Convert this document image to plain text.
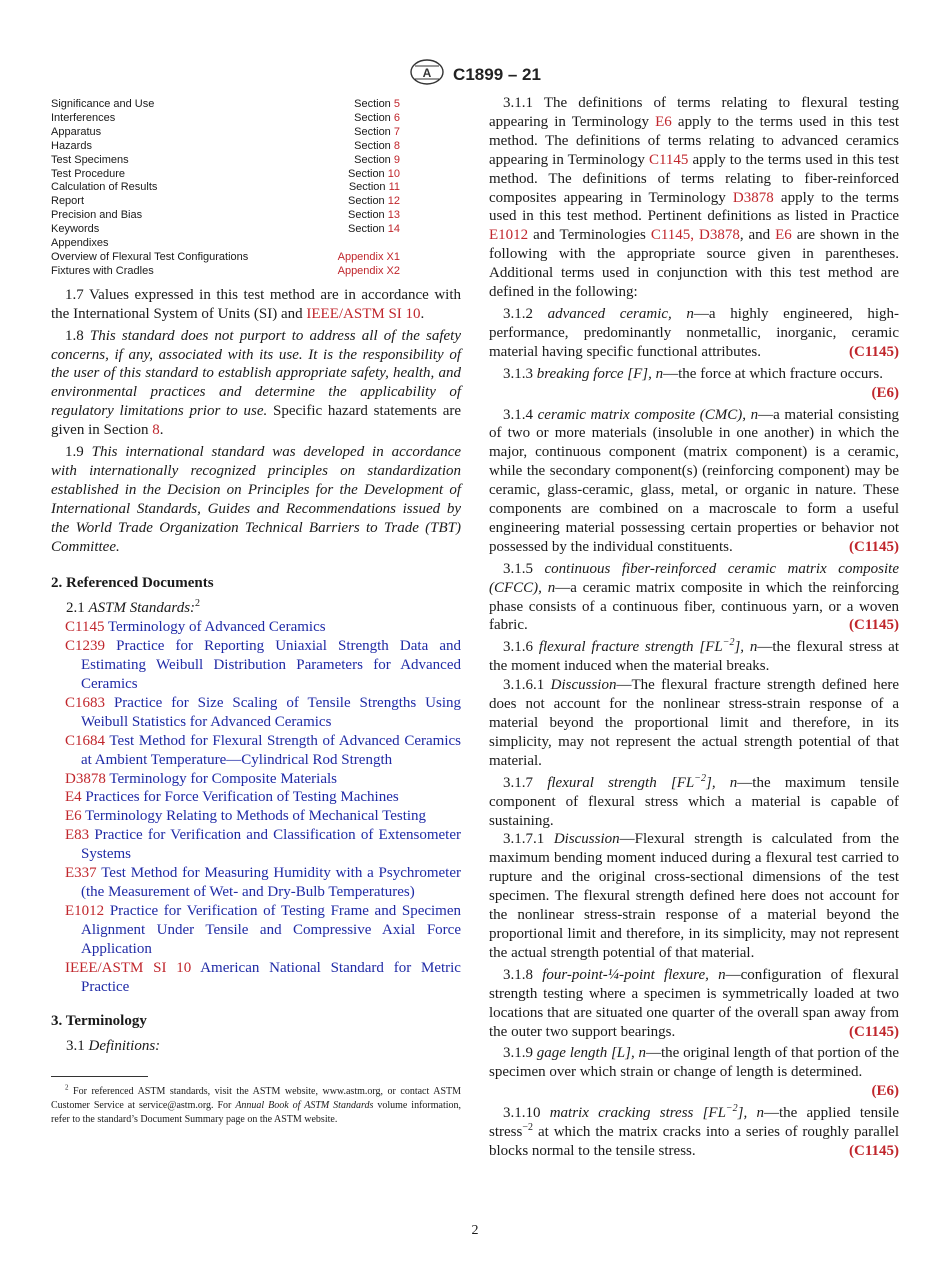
A C1899 – 21
Significance and Use	Section 5
Interferences	Section 6
Apparatus	Section 7
Hazards	Section 8
Test Specimens	Section 9
Test Procedure	Section 10
Calculation of Results	Section 11
Report	Section 12
Precision and Bias	Section 13
Keywords	Section 14
Appendixes
Overview of Flexural Test Configurations	Appendix X1
Fixtures with Cradles	Appendix X2

1.7 Values expressed in this test method are in accordance with the International System of Units (SI) and IEEE/ASTM SI 10.

1.8 This standard does not purport to address all of the safety concerns, if any, associated with its use. It is the responsibility of the user of this standard to establish appropriate safety, health, and environmental practices and determine the applicability of regulatory limitations prior to use. Specific hazard statements are given in Section 8.

1.9 This international standard was developed in accordance with internationally recognized principles on standardization established in the Decision on Principles for the Development of International Standards, Guides and Recommendations issued by the World Trade Organization Technical Barriers to Trade (TBT) Committee.

2. Referenced Documents

2.1 ASTM Standards:$^2$

C1145 Terminology of Advanced Ceramics

C1239 Practice for Reporting Uniaxial Strength Data and Estimating Weibull Distribution Parameters for Advanced Ceramics

C1683 Practice for Size Scaling of Tensile Strengths Using Weibull Statistics for Advanced Ceramics

C1684 Test Method for Flexural Strength of Advanced Ceramics at Ambient Temperature—Cylindrical Rod Strength

D3878 Terminology for Composite Materials

E4 Practices for Force Verification of Testing Machines

E6 Terminology Relating to Methods of Mechanical Testing

E83 Practice for Verification and Classification of Extensometer Systems

E337 Test Method for Measuring Humidity with a Psychrometer (the Measurement of Wet- and Dry-Bulb Temperatures)

E1012 Practice for Verification of Testing Frame and Specimen Alignment Under Tensile and Compressive Axial Force Application

IEEE/ASTM SI 10 American National Standard for Metric Practice

3. Terminology

3.1 Definitions:

$^2$ For referenced ASTM standards, visit the ASTM website, www.astm.org, or contact ASTM Customer Service at service@astm.org. For Annual Book of ASTM Standards volume information, refer to the standard’s Document Summary page on the ASTM website.

3.1.1 The definitions of terms relating to flexural testing appearing in Terminology E6 apply to the terms used in this test method. The definitions of terms relating to advanced ceramics appearing in Terminology C1145 apply to the terms used in this test method. The definitions of terms relating to fiber-reinforced composites appearing in Terminology D3878 apply to the terms used in this test method. Pertinent definitions as listed in Practice E1012 and Terminologies C1145, D3878, and E6 are shown in the following with the appropriate source given in parentheses. Additional terms used in conjunction with this test method are defined in the following:

3.1.2 advanced ceramic, n—a highly engineered, high-performance, predominantly nonmetallic, inorganic, ceramic material having specific functional attributes.	(C1145)

3.1.3 breaking force [F], n—the force at which fracture occurs.
(E6)

3.1.4 ceramic matrix composite (CMC), n—a material consisting of two or more materials (insoluble in one another) in which the major, continuous component (matrix component) is a ceramic, while the secondary component(s) (reinforcing component) may be ceramic, glass-ceramic, glass, metal, or organic in nature. These components are combined on a macroscale to form a useful engineering material possessing certain properties or behavior not possessed by the individual constituents.	(C1145)

3.1.5 continuous fiber-reinforced ceramic matrix composite (CFCC), n—a ceramic matrix composite in which the reinforcing phase consists of a continuous fiber, continuous yarn, or a woven fabric.	(C1145)

3.1.6 flexural fracture strength $[FL^{-2}]$, n—the flexural stress at the moment induced when the material breaks.

3.1.6.1 Discussion—The flexural fracture strength defined here does not account for the nonlinear stress-strain response of a material beyond the proportional limit and therefore, in its simplicity, may not represent the actual strength potential of that material.

3.1.7 flexural strength $[FL^{-2}]$, n—the maximum tensile component of flexural stress which a material is capable of sustaining.

3.1.7.1 Discussion—Flexural strength is calculated from the maximum bending moment induced during a flexural test carried to rupture and the original cross-sectional dimensions of the test specimen. The flexural strength defined here does not account for the nonlinear stress-strain response of a material beyond the proportional limit and therefore, in its simplicity, may not represent the actual strength potential of that material.

3.1.8 four-point-¼-point flexure, n—configuration of flexural strength testing where a specimen is symmetrically loaded at two locations that are situated one quarter of the overall span away from the outer two support bearings.	(C1145)

3.1.9 gage length [L], n—the original length of that portion of the specimen over which strain or change of length is determined.
(E6)

3.1.10 matrix cracking stress $[FL^{-2}]$, n—the applied tensile stress$^{-2}$ at which the matrix cracks into a series of roughly parallel blocks normal to the tensile stress.	(C1145)

2
